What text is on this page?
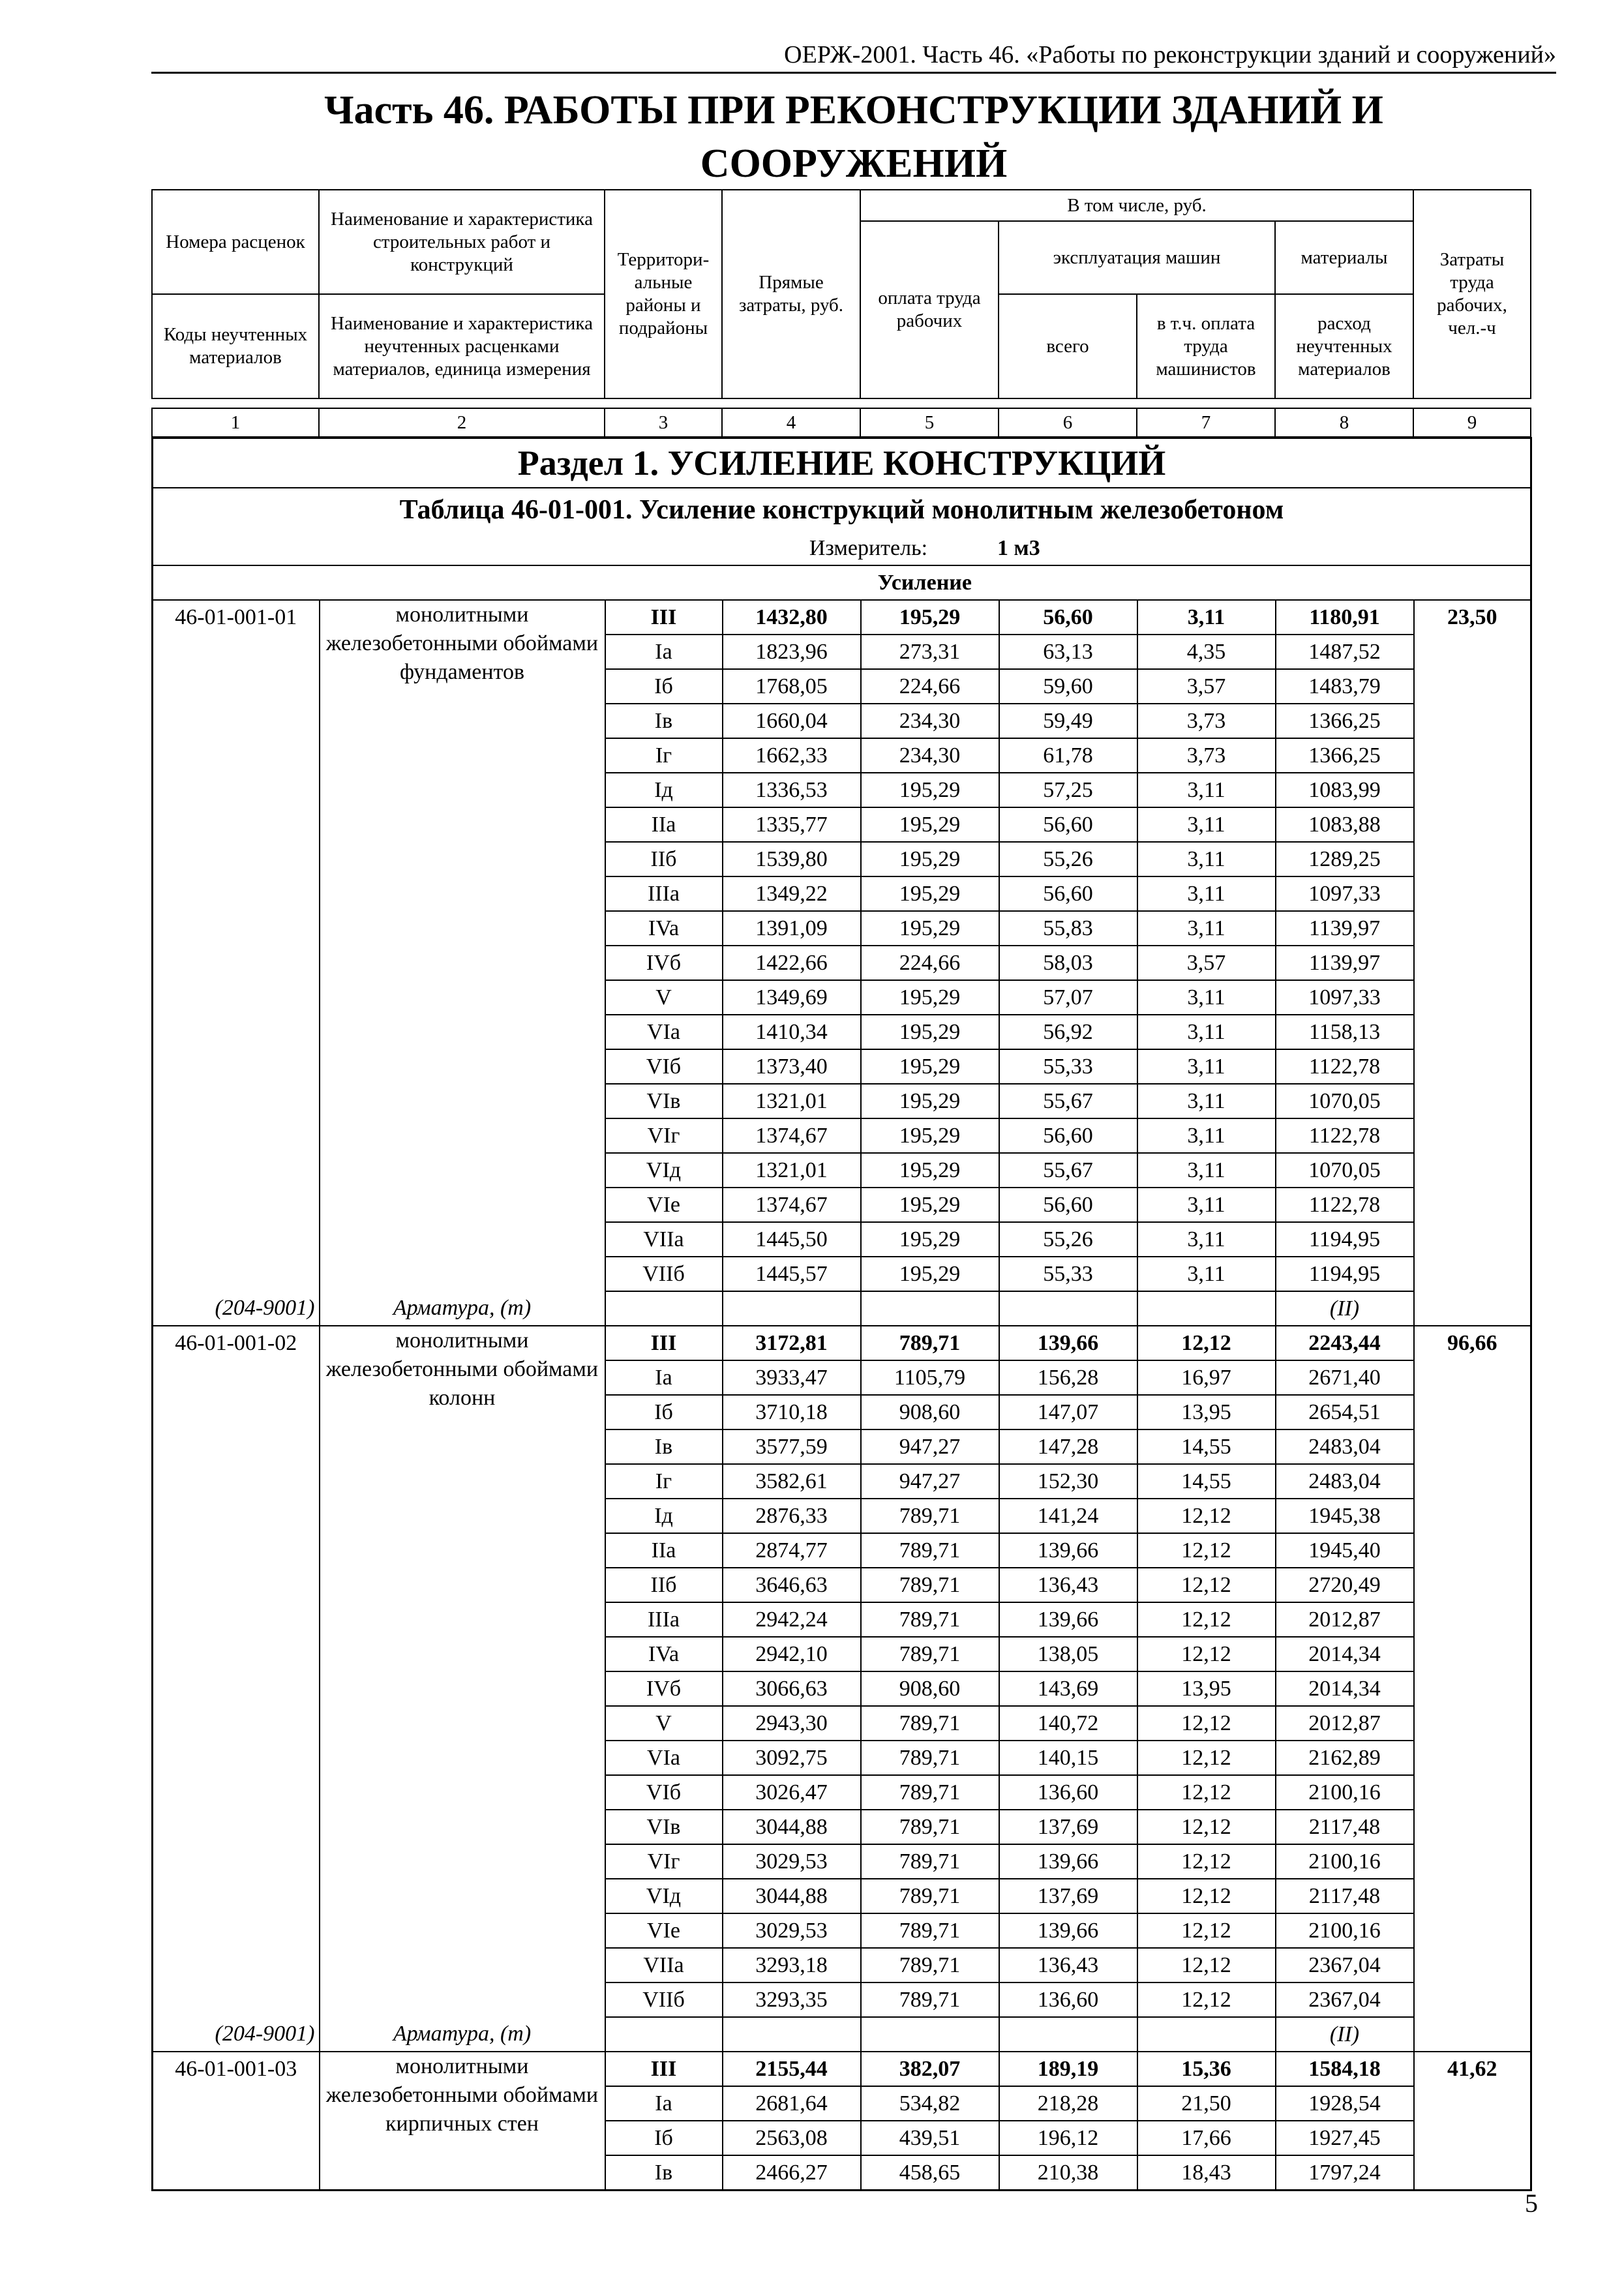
ОЕРЖ-2001. Часть 46. «Работы по реконструкции зданий и сооружений»
Часть 46. РАБОТЫ ПРИ РЕКОНСТРУКЦИИ ЗДАНИЙ И
СООРУЖЕНИЙ
Номера расценок	Наименование и характеристика строительных работ и конструкций	Территориальные районы и подрайоны	Прямые затраты, руб.	В том числе, руб.				Затраты труда рабочих, чел.-ч
				оплата труда рабочих	эксплуатация машин		материалы	

Коды неучтенных материалов	Наименование и характеристика неучтенных расценками материалов, единица измерения				всего	в т.ч. оплата труда машинистов	расход неучтенных материалов	

1	2	3	4	5	6	7	8	9
Раздел 1. УСИЛЕНИЕ КОНСТРУКЦИЙ								
Таблица 46-01-001. Усиление конструкций монолитным железобетоном								
	Измеритель: 1 м3							
	Усиление							
46-01-001-01	монолитными железобетонными обоймами фундаментов	III	1432,80	195,29	56,60	3,11	1180,91	23,50
		Ia	1823,96	273,31	63,13	4,35	1487,52	
		Iб	1768,05	224,66	59,60	3,57	1483,79	
		Iв	1660,04	234,30	59,49	3,73	1366,25	
		Iг	1662,33	234,30	61,78	3,73	1366,25	
		Iд	1336,53	195,29	57,25	3,11	1083,99	
		IIa	1335,77	195,29	56,60	3,11	1083,88	
		IIб	1539,80	195,29	55,26	3,11	1289,25	
		IIIa	1349,22	195,29	56,60	3,11	1097,33	
		IVa	1391,09	195,29	55,83	3,11	1139,97	
		IVб	1422,66	224,66	58,03	3,57	1139,97	
		V	1349,69	195,29	57,07	3,11	1097,33	
		VIa	1410,34	195,29	56,92	3,11	1158,13	
		VIб	1373,40	195,29	55,33	3,11	1122,78	
		VIв	1321,01	195,29	55,67	3,11	1070,05	
		VIг	1374,67	195,29	56,60	3,11	1122,78	
		VIд	1321,01	195,29	55,67	3,11	1070,05	
		VIe	1374,67	195,29	56,60	3,11	1122,78	
		VIIa	1445,50	195,29	55,26	3,11	1194,95	
		VIIб	1445,57	195,29	55,33	3,11	1194,95	
(204-9001)	Арматура, (т)						(II)	
46-01-001-02	монолитными железобетонными обоймами колонн	III	3172,81	789,71	139,66	12,12	2243,44	96,66
		Ia	3933,47	1105,79	156,28	16,97	2671,40	
		Iб	3710,18	908,60	147,07	13,95	2654,51	
		Iв	3577,59	947,27	147,28	14,55	2483,04	
		Iг	3582,61	947,27	152,30	14,55	2483,04	
		Iд	2876,33	789,71	141,24	12,12	1945,38	
		IIa	2874,77	789,71	139,66	12,12	1945,40	
		IIб	3646,63	789,71	136,43	12,12	2720,49	
		IIIa	2942,24	789,71	139,66	12,12	2012,87	
		IVa	2942,10	789,71	138,05	12,12	2014,34	
		IVб	3066,63	908,60	143,69	13,95	2014,34	
		V	2943,30	789,71	140,72	12,12	2012,87	
		VIa	3092,75	789,71	140,15	12,12	2162,89	
		VIб	3026,47	789,71	136,60	12,12	2100,16	
		VIв	3044,88	789,71	137,69	12,12	2117,48	
		VIг	3029,53	789,71	139,66	12,12	2100,16	
		VIд	3044,88	789,71	137,69	12,12	2117,48	
		VIe	3029,53	789,71	139,66	12,12	2100,16	
		VIIa	3293,18	789,71	136,43	12,12	2367,04	
		VIIб	3293,35	789,71	136,60	12,12	2367,04	
(204-9001)	Арматура, (т)						(II)	
46-01-001-03	монолитными железобетонными обоймами кирпичных стен	III	2155,44	382,07	189,19	15,36	1584,18	41,62
		Ia	2681,64	534,82	218,28	21,50	1928,54	
		Iб	2563,08	439,51	196,12	17,66	1927,45	
		Iв	2466,27	458,65	210,38	18,43	1797,24	
5
